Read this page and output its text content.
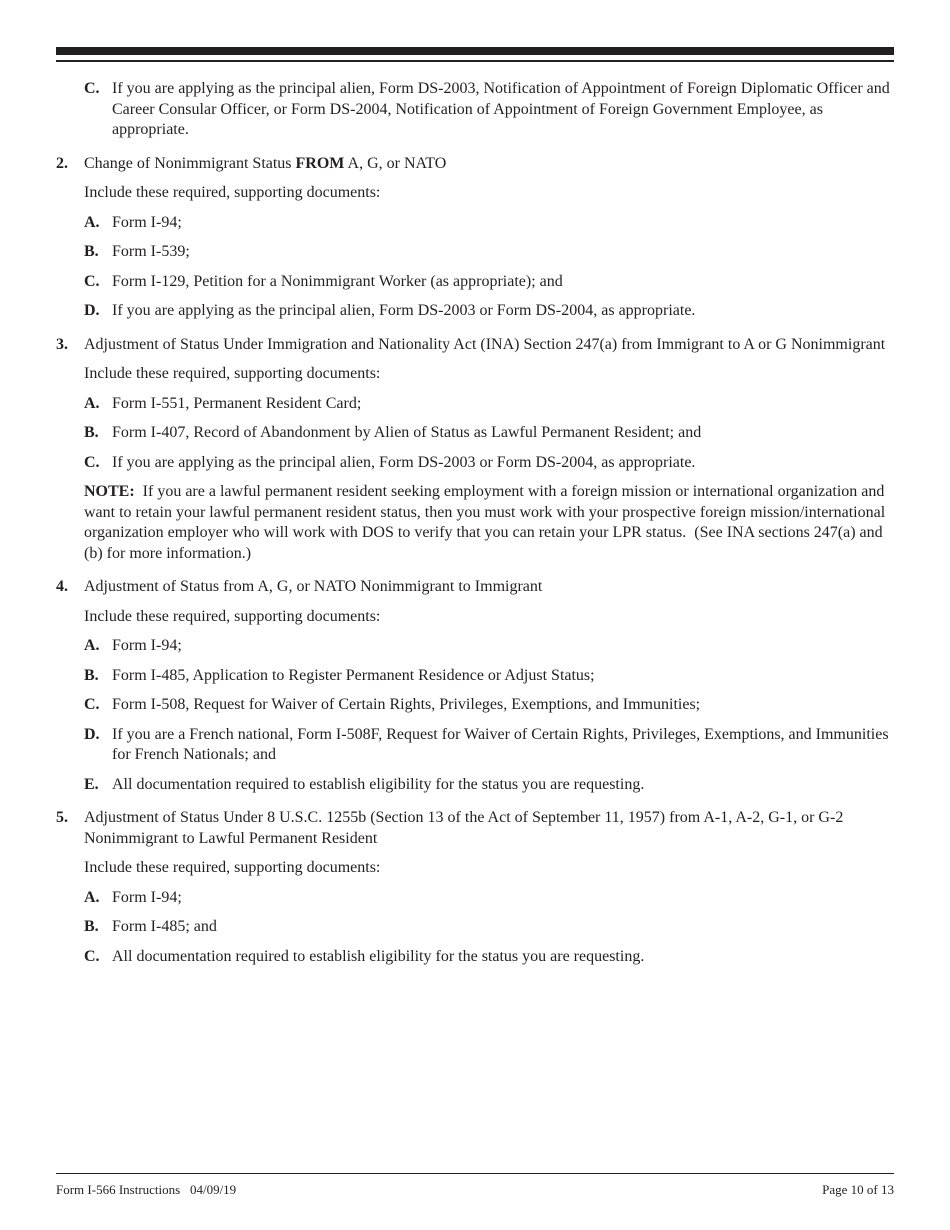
C. If you are applying as the principal alien, Form DS-2003, Notification of Appointment of Foreign Diplomatic Officer and Career Consular Officer, or Form DS-2004, Notification of Appointment of Foreign Government Employee, as appropriate.
2. Change of Nonimmigrant Status FROM A, G, or NATO

Include these required, supporting documents:

A. Form I-94;
B. Form I-539;
C. Form I-129, Petition for a Nonimmigrant Worker (as appropriate); and
D. If you are applying as the principal alien, Form DS-2003 or Form DS-2004, as appropriate.
3. Adjustment of Status Under Immigration and Nationality Act (INA) Section 247(a) from Immigrant to A or G Nonimmigrant

Include these required, supporting documents:

A. Form I-551, Permanent Resident Card;
B. Form I-407, Record of Abandonment by Alien of Status as Lawful Permanent Resident; and
C. If you are applying as the principal alien, Form DS-2003 or Form DS-2004, as appropriate.

NOTE:  If you are a lawful permanent resident seeking employment with a foreign mission or international organization and want to retain your lawful permanent resident status, then you must work with your prospective foreign mission/international organization employer who will work with DOS to verify that you can retain your LPR status.  (See INA sections 247(a) and (b) for more information.)

4. Adjustment of Status from A, G, or NATO Nonimmigrant to Immigrant

Include these required, supporting documents:

A. Form I-94;
B. Form I-485, Application to Register Permanent Residence or Adjust Status;
C. Form I-508, Request for Waiver of Certain Rights, Privileges, Exemptions, and Immunities;
D. If you are a French national, Form I-508F, Request for Waiver of Certain Rights, Privileges, Exemptions, and Immunities for French Nationals; and
E. All documentation required to establish eligibility for the status you are requesting.
5. Adjustment of Status Under 8 U.S.C. 1255b (Section 13 of the Act of September 11, 1957) from A-1, A-2, G-1, or G-2 Nonimmigrant to Lawful Permanent Resident

Include these required, supporting documents:

A. Form I-94;
B. Form I-485; and
C. All documentation required to establish eligibility for the status you are requesting.
Form I-566 Instructions   04/09/19	Page 10 of 13
